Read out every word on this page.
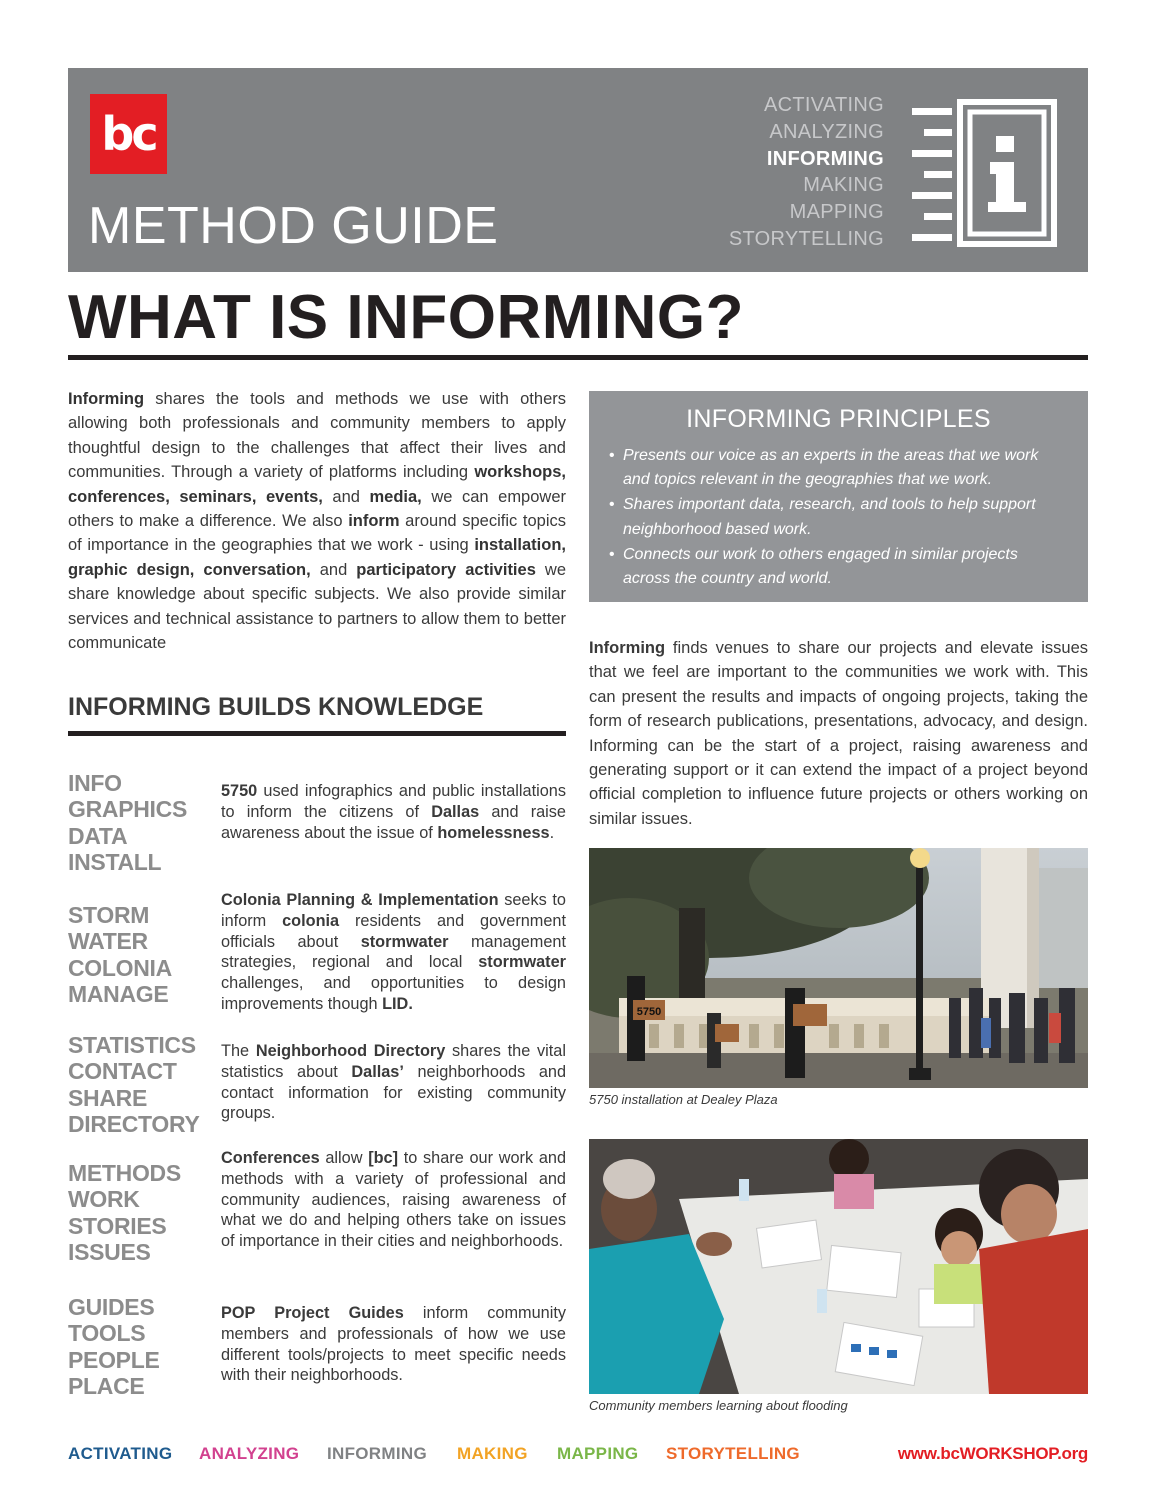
bc
METHOD GUIDE
ACTIVATING
ANALYZING
INFORMING
MAKING
MAPPING
STORYTELLING
WHAT IS INFORMING?
Informing shares the tools and methods we use with others allowing both professionals and community members to apply thoughtful design to the challenges that affect their lives and communities. Through a variety of platforms including workshops, conferences, seminars, events, and media, we can empower others to make a difference. We also inform around specific topics of importance in the geographies that we work - using installation, graphic design, conversation, and participatory activities we share knowledge about specific subjects. We also provide similar services and technical assistance to partners to allow them to better communicate
INFORMING BUILDS KNOWLEDGE
INFO
GRAPHICS
DATA
INSTALL
5750 used infographics and public installations to inform the citizens of Dallas and raise awareness about the issue of homelessness.
STORM
WATER
COLONIA
MANAGE
Colonia Planning & Implementation seeks to inform colonia residents and government officials about stormwater management strategies, regional and local stormwater challenges, and opportunities to design improvements though LID.
STATISTICS
CONTACT
SHARE
DIRECTORY
The Neighborhood Directory shares the vital statistics about Dallas’ neighborhoods and contact information for existing community groups.
METHODS
WORK
STORIES
ISSUES
Conferences allow [bc] to share our work and methods with a variety of professional and community audiences, raising awareness of what we do and helping others take on issues of importance in their cities and neighborhoods.
GUIDES
TOOLS
PEOPLE
PLACE
POP Project Guides inform community members and professionals of how we use different tools/projects to meet specific needs with their neighborhoods.
INFORMING PRINCIPLES
• Presents our voice as an experts in the areas that we work and topics relevant in the geographies that we work.
• Shares important data, research, and tools to help support neighborhood based work.
• Connects our work to others engaged in similar projects across the country and world.
Informing finds venues to share our projects and elevate issues that we feel are important to the communities we work with. This can present the results and impacts of ongoing projects, taking the form of research publications, presentations, advocacy, and design. Informing can be the start of a project, raising awareness and generating support or it can extend the impact of a project beyond official completion to influence future projects or others working on similar issues.
5750
5750 installation at Dealey Plaza
Community members learning about flooding
ACTIVATING ANALYZING INFORMING MAKING MAPPING STORYTELLING	www.bcWORKSHOP.org
